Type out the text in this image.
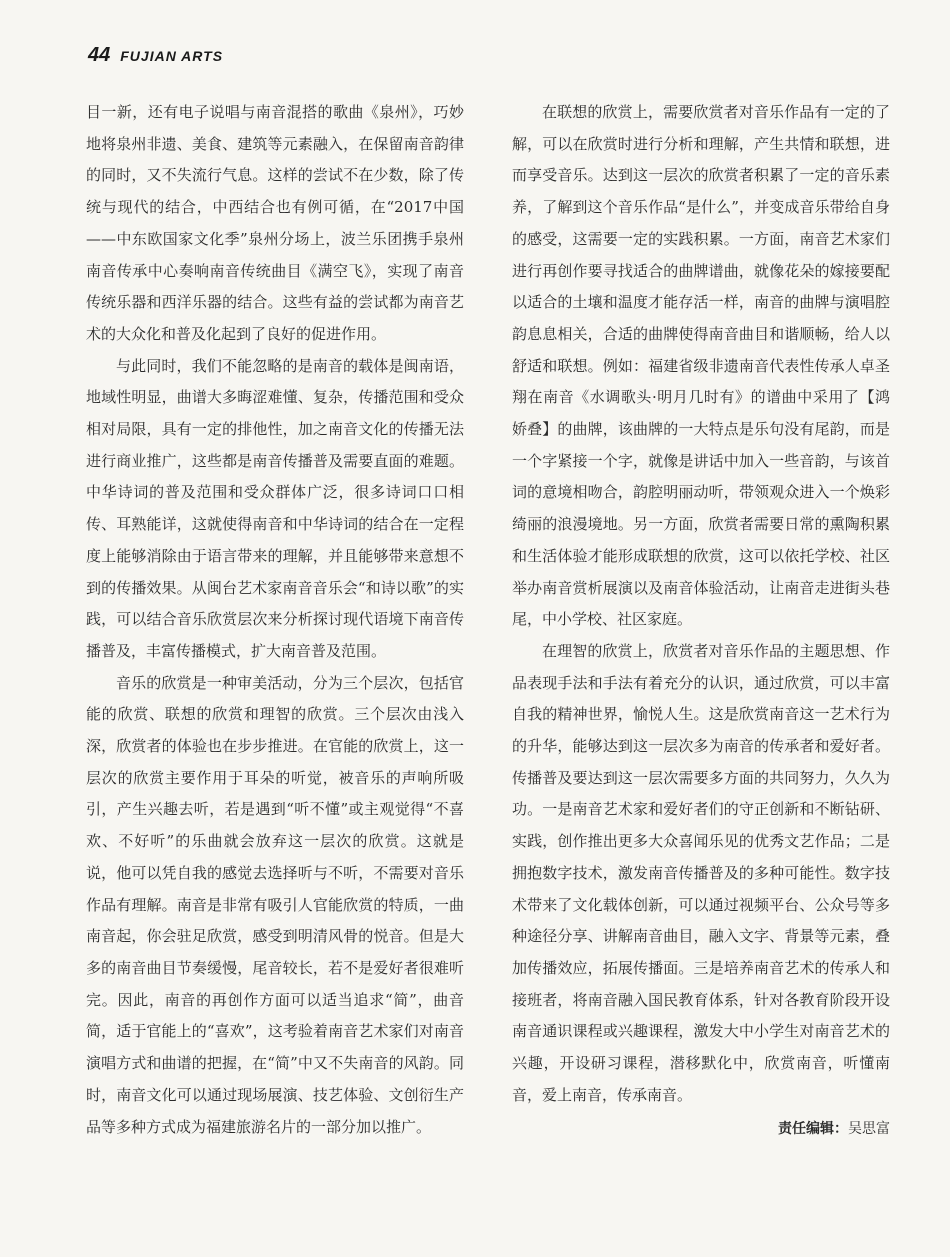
44 FUJIAN ARTS

目一新，还有电子说唱与南音混搭的歌曲《泉州》，巧妙地将泉州非遗、美食、建筑等元素融入，在保留南音韵律的同时，又不失流行气息。这样的尝试不在少数，除了传统与现代的结合，中西结合也有例可循，在“2017中国——中东欧国家文化季”泉州分场上，波兰乐团携手泉州南音传承中心奏响南音传统曲目《满空飞》，实现了南音传统乐器和西洋乐器的结合。这些有益的尝试都为南音艺术的大众化和普及化起到了良好的促进作用。

与此同时，我们不能忽略的是南音的载体是闽南语，地域性明显，曲谱大多晦涩难懂、复杂，传播范围和受众相对局限，具有一定的排他性，加之南音文化的传播无法进行商业推广，这些都是南音传播普及需要直面的难题。中华诗词的普及范围和受众群体广泛，很多诗词口口相传、耳熟能详，这就使得南音和中华诗词的结合在一定程度上能够消除由于语言带来的理解，并且能够带来意想不到的传播效果。从闽台艺术家南音音乐会“和诗以歌”的实践，可以结合音乐欣赏层次来分析探讨现代语境下南音传播普及，丰富传播模式，扩大南音普及范围。

音乐的欣赏是一种审美活动，分为三个层次，包括官能的欣赏、联想的欣赏和理智的欣赏。三个层次由浅入深，欣赏者的体验也在步步推进。在官能的欣赏上，这一层次的欣赏主要作用于耳朵的听觉，被音乐的声响所吸引，产生兴趣去听，若是遇到“听不懂”或主观觉得“不喜欢、不好听”的乐曲就会放弃这一层次的欣赏。这就是说，他可以凭自我的感觉去选择听与不听，不需要对音乐作品有理解。南音是非常有吸引人官能欣赏的特质，一曲南音起，你会驻足欣赏，感受到明清风骨的悦音。但是大多的南音曲目节奏缓慢，尾音较长，若不是爱好者很难听完。因此，南音的再创作方面可以适当追求“简”，曲音简，适于官能上的“喜欢”，这考验着南音艺术家们对南音演唱方式和曲谱的把握，在“简”中又不失南音的风韵。同时，南音文化可以通过现场展演、技艺体验、文创衍生产品等多种方式成为福建旅游名片的一部分加以推广。

在联想的欣赏上，需要欣赏者对音乐作品有一定的了解，可以在欣赏时进行分析和理解，产生共情和联想，进而享受音乐。达到这一层次的欣赏者积累了一定的音乐素养，了解到这个音乐作品“是什么”，并变成音乐带给自身的感受，这需要一定的实践积累。一方面，南音艺术家们进行再创作要寻找适合的曲牌谱曲，就像花朵的嫁接要配以适合的土壤和温度才能存活一样，南音的曲牌与演唱腔韵息息相关，合适的曲牌使得南音曲目和谐顺畅，给人以舒适和联想。例如：福建省级非遗南音代表性传承人卓圣翔在南音《水调歌头·明月几时有》的谱曲中采用了【鸿娇叠】的曲牌，该曲牌的一大特点是乐句没有尾韵，而是一个字紧接一个字，就像是讲话中加入一些音韵，与该首词的意境相吻合，韵腔明丽动听，带领观众进入一个焕彩绮丽的浪漫境地。另一方面，欣赏者需要日常的熏陶积累和生活体验才能形成联想的欣赏，这可以依托学校、社区举办南音赏析展演以及南音体验活动，让南音走进街头巷尾，中小学校、社区家庭。

在理智的欣赏上，欣赏者对音乐作品的主题思想、作品表现手法和手法有着充分的认识，通过欣赏，可以丰富自我的精神世界，愉悦人生。这是欣赏南音这一艺术行为的升华，能够达到这一层次多为南音的传承者和爱好者。传播普及要达到这一层次需要多方面的共同努力，久久为功。一是南音艺术家和爱好者们的守正创新和不断钻研、实践，创作推出更多大众喜闻乐见的优秀文艺作品；二是拥抱数字技术，激发南音传播普及的多种可能性。数字技术带来了文化载体创新，可以通过视频平台、公众号等多种途径分享、讲解南音曲目，融入文字、背景等元素，叠加传播效应，拓展传播面。三是培养南音艺术的传承人和接班者，将南音融入国民教育体系，针对各教育阶段开设南音通识课程或兴趣课程，激发大中小学生对南音艺术的兴趣，开设研习课程，潜移默化中，欣赏南音，听懂南音，爱上南音，传承南音。

责任编辑：吴思富
